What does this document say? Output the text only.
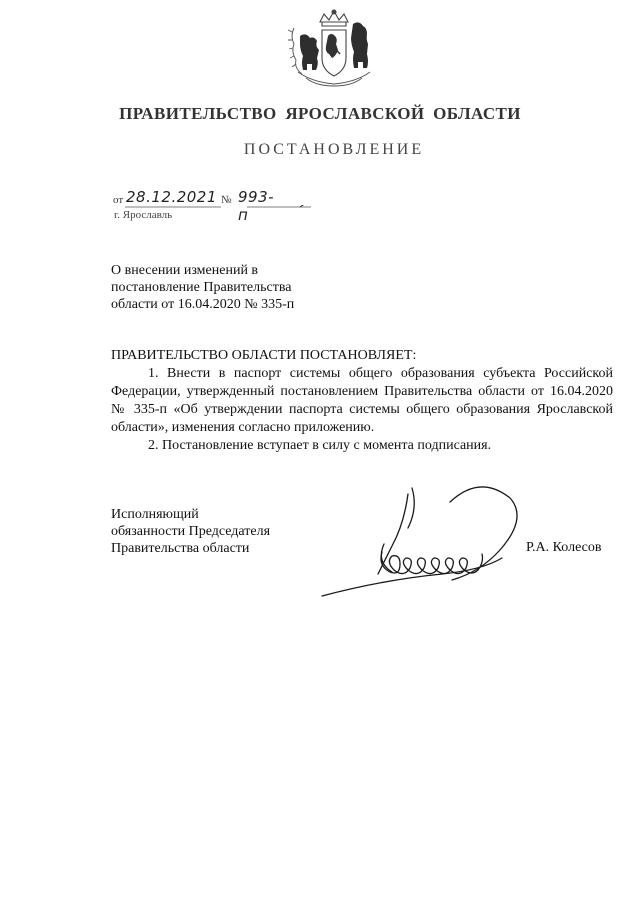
ПРАВИТЕЛЬСТВО ЯРОСЛАВСКОЙ ОБЛАСТИ
ПОСТАНОВЛЕНИЕ
от 28.12.2021 № 993-п
г. Ярославль
О внесении изменений в
постановление Правительства
области от 16.04.2020 № 335-п
ПРАВИТЕЛЬСТВО ОБЛАСТИ ПОСТАНОВЛЯЕТ:

1. Внести в паспорт системы общего образования субъекта Российской Федерации, утвержденный постановлением Правительства области от 16.04.2020 № 335-п «Об утверждении паспорта системы общего образования Ярославской области», изменения согласно приложению.

2. Постановление вступает в силу с момента подписания.

Исполняющий
обязанности Председателя
Правительства области	Р.А. Колесов
